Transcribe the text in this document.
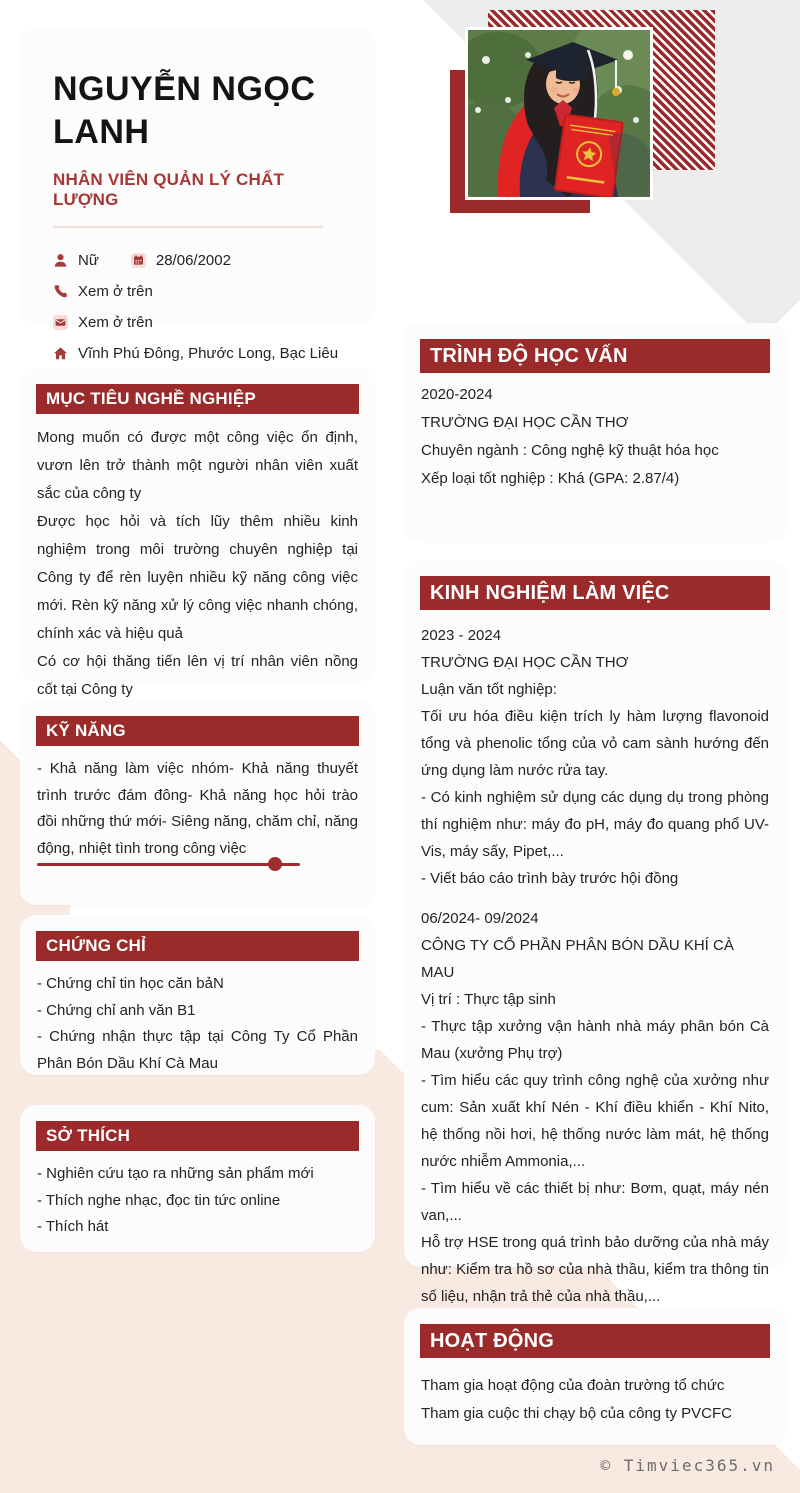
NGUYỄN NGỌC
LANH
NHÂN VIÊN QUẢN LÝ CHẤT LƯỢNG
Nữ	28/06/2002
Xem ở trên
Xem ở trên
Vĩnh Phú Đông, Phước Long, Bạc Liêu
MỤC TIÊU NGHỀ NGHIỆP

Mong muốn có được một công việc ổn định, vươn lên trở thành một người nhân viên xuất sắc của công ty

Được học hỏi và tích lũy thêm nhiều kinh nghiệm trong môi trường chuyên nghiệp tại Công ty để rèn luyện nhiều kỹ năng công việc mới. Rèn kỹ năng xử lý công việc nhanh chóng, chính xác và hiệu quả

Có cơ hội thăng tiến lên vị trí nhân viên nồng cốt tại Công ty

KỸ NĂNG

- Khả năng làm việc nhóm- Khả năng thuyết trình trước đám đông- Khả năng học hỏi trào đồi những thứ mới- Siêng năng, chăm chỉ, năng động, nhiệt tình trong công việc

CHỨNG CHỈ

- Chứng chỉ tin học căn bảN

- Chứng chỉ anh văn B1

- Chứng nhận thực tập tại Công Ty Cổ Phần Phân Bón Dầu Khí Cà Mau

SỞ THÍCH

- Nghiên cứu tạo ra những sản phẩm mới

- Thích nghe nhạc, đọc tin tức online

- Thích hát

TRÌNH ĐỘ HỌC VẤN

2020-2024

TRƯỜNG ĐẠI HỌC CẦN THƠ

Chuyên ngành : Công nghệ kỹ thuật hóa học

Xếp loại tốt nghiệp : Khá (GPA: 2.87/4)

KINH NGHIỆM LÀM VIỆC

2023 - 2024

TRƯỜNG ĐẠI HỌC CẦN THƠ

Luận văn tốt nghiệp:

Tối ưu hóa điều kiện trích ly hàm lượng flavonoid tổng và phenolic tổng của vỏ cam sành hướng đến ứng dụng làm nước rửa tay.

- Có kinh nghiệm sử dụng các dụng dụ trong phòng thí nghiệm như: máy đo pH, máy đo quang phổ UV-Vis, máy sấy, Pipet,...

- Viết báo cáo trình bày trước hội đồng

06/2024- 09/2024

CÔNG TY CỔ PHẦN PHÂN BÓN DẦU KHÍ CÀ MAU

Vị trí : Thực tập sinh

- Thực tập xưởng vận hành nhà máy phân bón Cà Mau (xưởng Phụ trợ)

- Tìm hiểu các quy trình công nghệ của xưởng như cum: Sản xuất khí Nén - Khí điều khiển - Khí Nito, hệ thống nồi hơi, hệ thống nước làm mát, hệ thống nước nhiễm Ammonia,...

- Tìm hiểu về các thiết bị như: Bơm, quạt, máy nén van,...

Hỗ trợ HSE trong quá trình bảo dưỡng của nhà máy như: Kiểm tra hồ sơ của nhà thầu, kiểm tra thông tin số liệu, nhận trả thẻ của nhà thầu,...

HOẠT ĐỘNG

Tham gia hoạt động của đoàn trường tổ chức

Tham gia cuộc thi chạy bộ của công ty PVCFC

© Timviec365.vn
